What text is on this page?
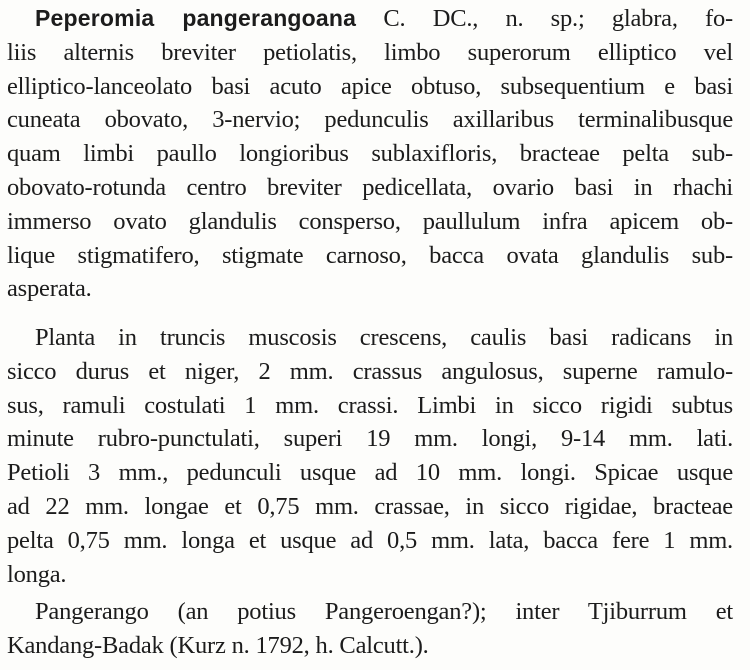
Peperomia pangerangoana C. DC., n. sp.; glabra, fo-
liis alternis breviter petiolatis, limbo superorum elliptico vel
elliptico-lanceolato basi acuto apice obtuso, subsequentium e basi
cuneata obovato, 3-nervio; pedunculis axillaribus terminalibusque
quam limbi paullo longioribus sublaxifloris, bracteae pelta sub-
obovato-rotunda centro breviter pedicellata, ovario basi in rhachi
immerso ovato glandulis consperso, paullulum infra apicem ob-
lique stigmatifero, stigmate carnoso, bacca ovata glandulis sub-
asperata.
Planta in truncis muscosis crescens, caulis basi radicans in
sicco durus et niger, 2 mm. crassus angulosus, superne ramulo-
sus, ramuli costulati 1 mm. crassi. Limbi in sicco rigidi subtus
minute rubro-punctulati, superi 19 mm. longi, 9-14 mm. lati.
Petioli 3 mm., pedunculi usque ad 10 mm. longi. Spicae usque
ad 22 mm. longae et 0,75 mm. crassae, in sicco rigidae, bracteae
pelta 0,75 mm. longa et usque ad 0,5 mm. lata, bacca fere 1 mm.
longa.
Pangerango (an potius Pangeroengan?); inter Tjiburrum et
Kandang-Badak (Kurz n. 1792, h. Calcutt.).
